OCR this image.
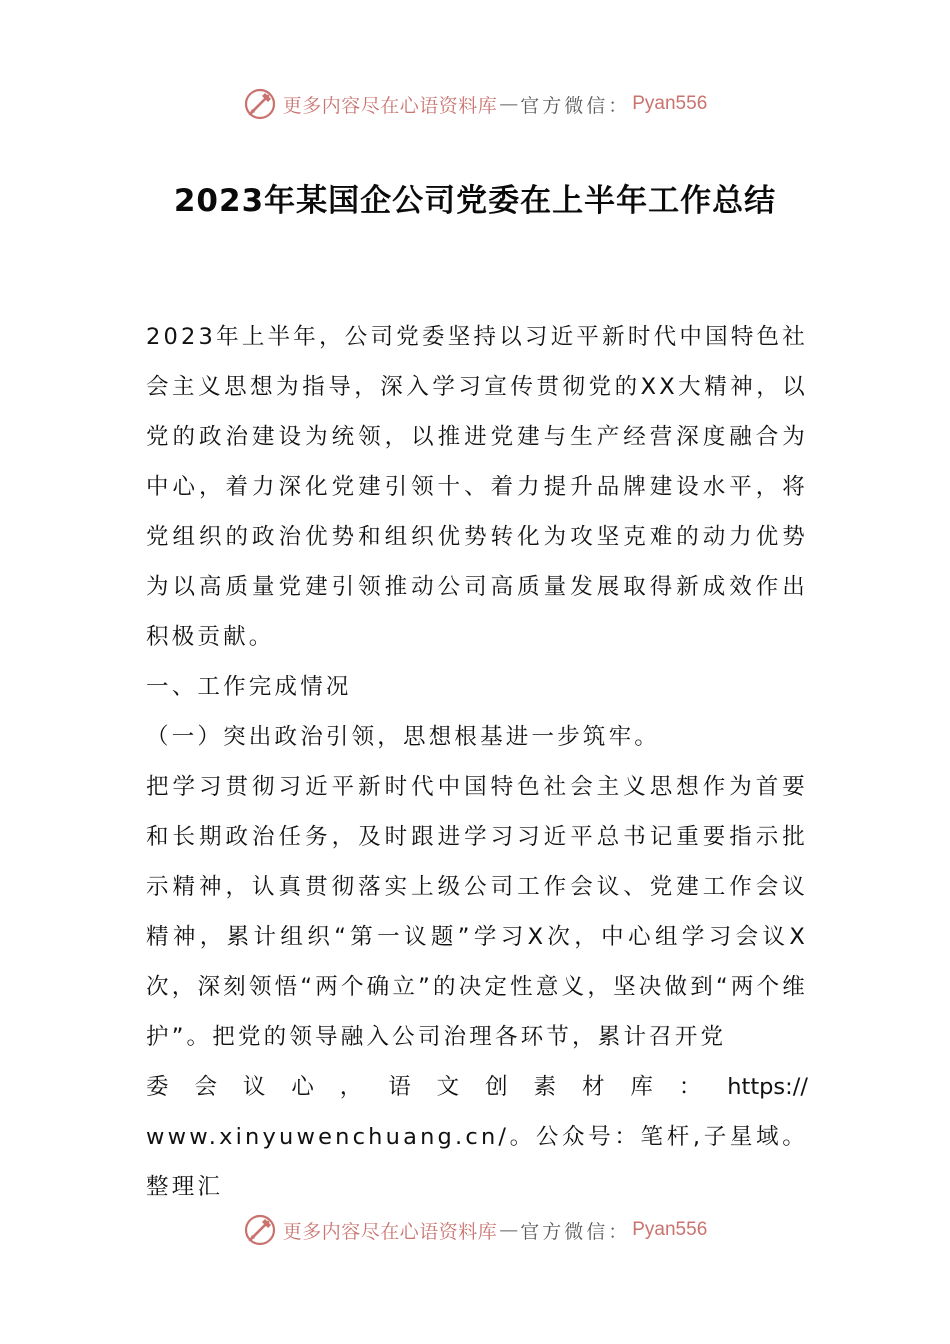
更多内容尽在心语资料库 — 官方微信： Pyan556
2023年某国企公司党委在上半年工作总结

2023年上半年，公司党委坚持以习近平新时代中国特色社会主义思想为指导，深入学习宣传贯彻党的XX大精神，以党的政治建设为统领，以推进党建与生产经营深度融合为中心，着力深化党建引领十、着力提升品牌建设水平，将党组织的政治优势和组织优势转化为攻坚克难的动力优势为以高质量党建引领推动公司高质量发展取得新成效作出积极贡献。

一、工作完成情况

（一）突出政治引领，思想根基进一步筑牢。

把学习贯彻习近平新时代中国特色社会主义思想作为首要和长期政治任务，及时跟进学习习近平总书记重要指示批示精神，认真贯彻落实上级公司工作会议、党建工作会议精神，累计组织“第一议题”学习X次，中心组学习会议X次，深刻领悟“两个确立”的决定性意义，坚决做到“两个维护”。把党的领导融入公司治理各环节，累计召开党

委 会 议 心 ， 语 文 创 素 材 库 ： https://

www.xinyuwenchuang.cn/。公众号：笔杆,子星域。整理汇

更多内容尽在心语资料库 — 官方微信： Pyan556
